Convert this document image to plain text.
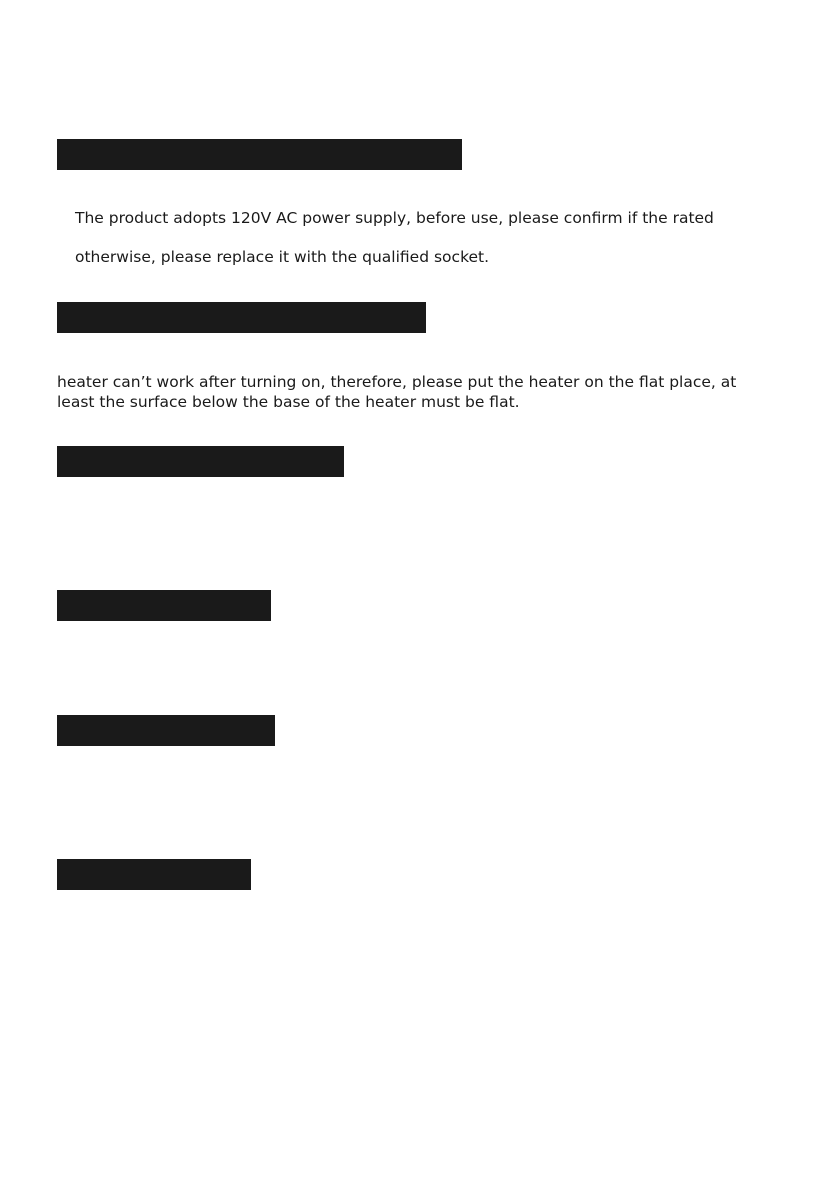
The product adopts 120V AC power supply, before use, please confirm if the rated

otherwise, please replace it with the qualified socket.

heater can’t work after turning on, therefore, please put the heater on the flat place, at

least the surface below the base of the heater must be flat.
